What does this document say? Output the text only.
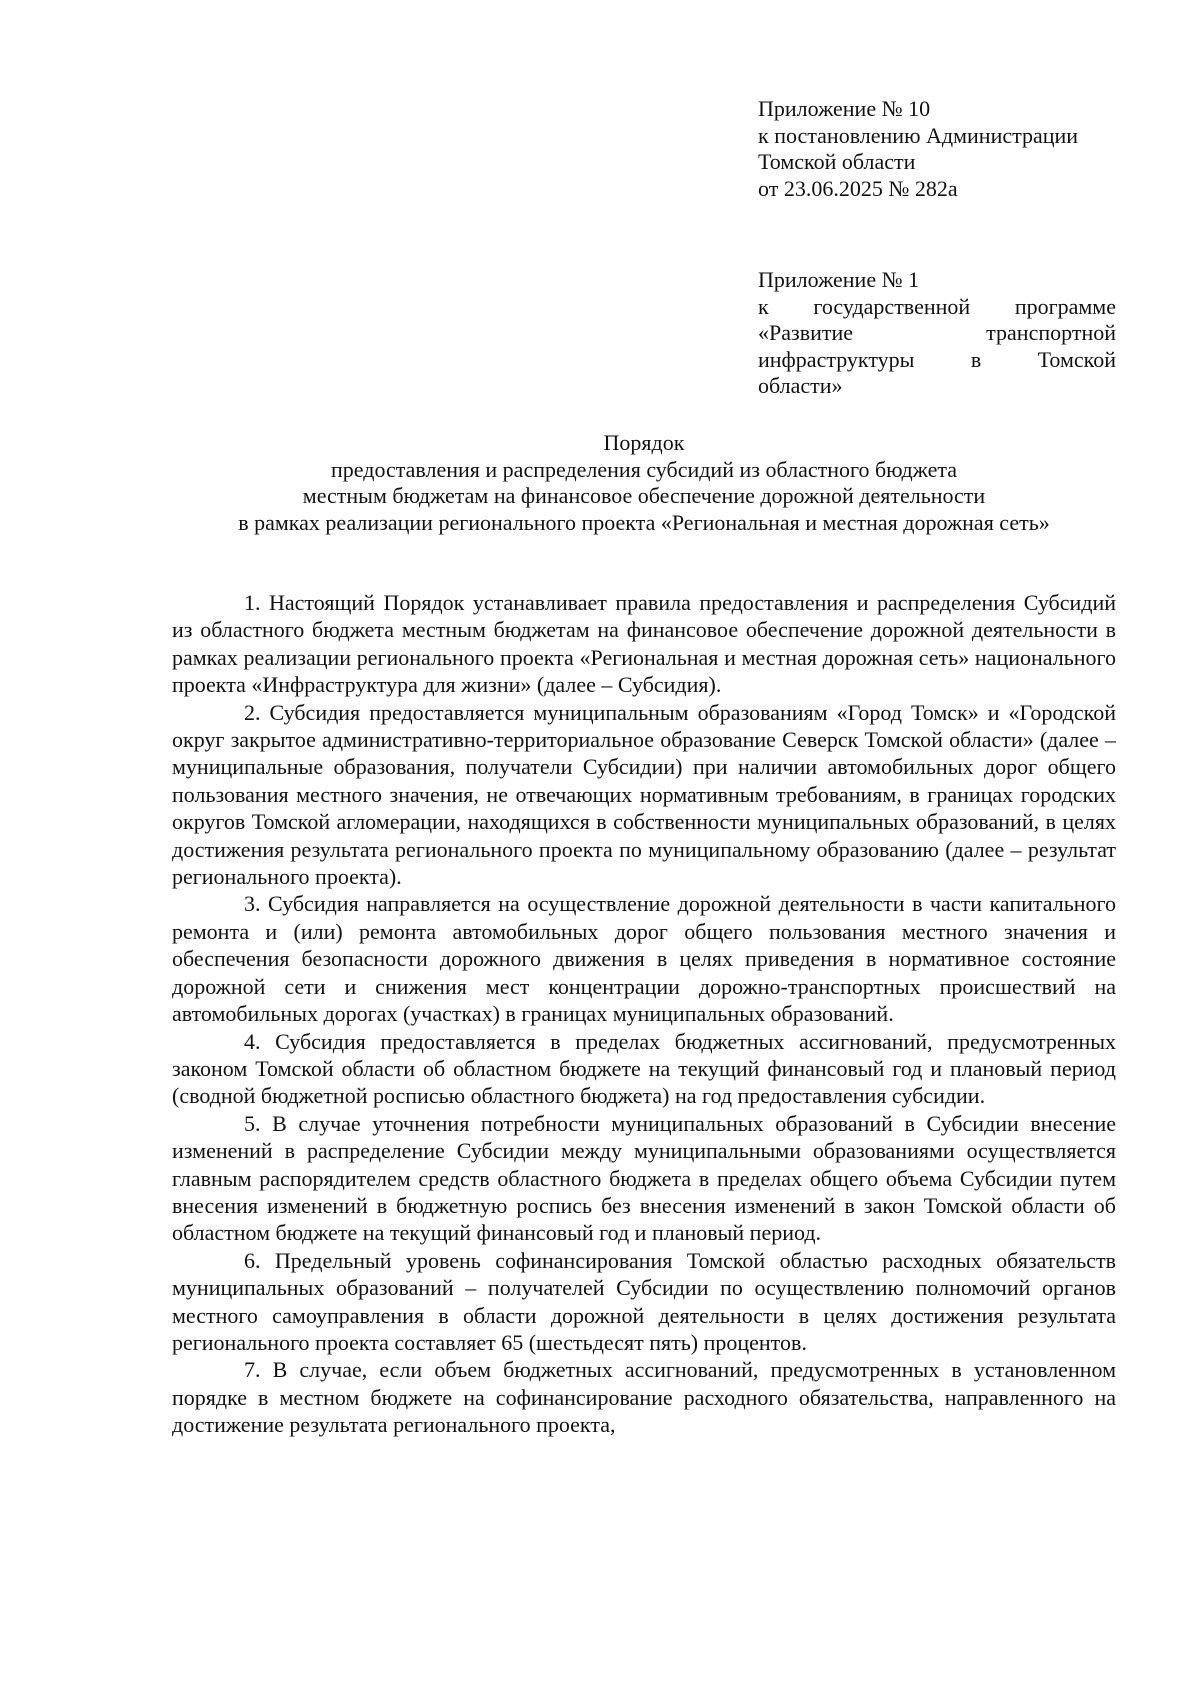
Приложение № 10
к постановлению Администрации
Томской области
от 23.06.2025 № 282а
Приложение № 1
к государственной программе
«Развитие транспортной
инфраструктуры в Томской
области»
Порядок
предоставления и распределения субсидий из областного бюджета
местным бюджетам на финансовое обеспечение дорожной деятельности
в рамках реализации регионального проекта «Региональная и местная дорожная сеть»

1. Настоящий Порядок устанавливает правила предоставления и распределения Субсидий из областного бюджета местным бюджетам на финансовое обеспечение дорожной деятельности в рамках реализации регионального проекта «Региональная и местная дорожная сеть» национального проекта «Инфраструктура для жизни» (далее – Субсидия).

2. Субсидия предоставляется муниципальным образованиям «Город Томск» и «Городской округ закрытое административно-территориальное образование Северск Томской области» (далее – муниципальные образования, получатели Субсидии) при наличии автомобильных дорог общего пользования местного значения, не отвечающих нормативным требованиям, в границах городских округов Томской агломерации, находящихся в собственности муниципальных образований, в целях достижения результата регионального проекта по муниципальному образованию (далее – результат регионального проекта).

3. Субсидия направляется на осуществление дорожной деятельности в части капитального ремонта и (или) ремонта автомобильных дорог общего пользования местного значения и обеспечения безопасности дорожного движения в целях приведения в нормативное состояние дорожной сети и снижения мест концентрации дорожно-транспортных происшествий на автомобильных дорогах (участках) в границах муниципальных образований.

4. Субсидия предоставляется в пределах бюджетных ассигнований, предусмотренных законом Томской области об областном бюджете на текущий финансовый год и плановый период (сводной бюджетной росписью областного бюджета) на год предоставления субсидии.

5. В случае уточнения потребности муниципальных образований в Субсидии внесение изменений в распределение Субсидии между муниципальными образованиями осуществляется главным распорядителем средств областного бюджета в пределах общего объема Субсидии путем внесения изменений в бюджетную роспись без внесения изменений в закон Томской области об областном бюджете на текущий финансовый год и плановый период.

6. Предельный уровень софинансирования Томской областью расходных обязательств муниципальных образований – получателей Субсидии по осуществлению полномочий органов местного самоуправления в области дорожной деятельности в целях достижения результата регионального проекта составляет 65 (шестьдесят пять) процентов.

7. В случае, если объем бюджетных ассигнований, предусмотренных в установленном порядке в местном бюджете на софинансирование расходного обязательства, направленного на достижение результата регионального проекта,
